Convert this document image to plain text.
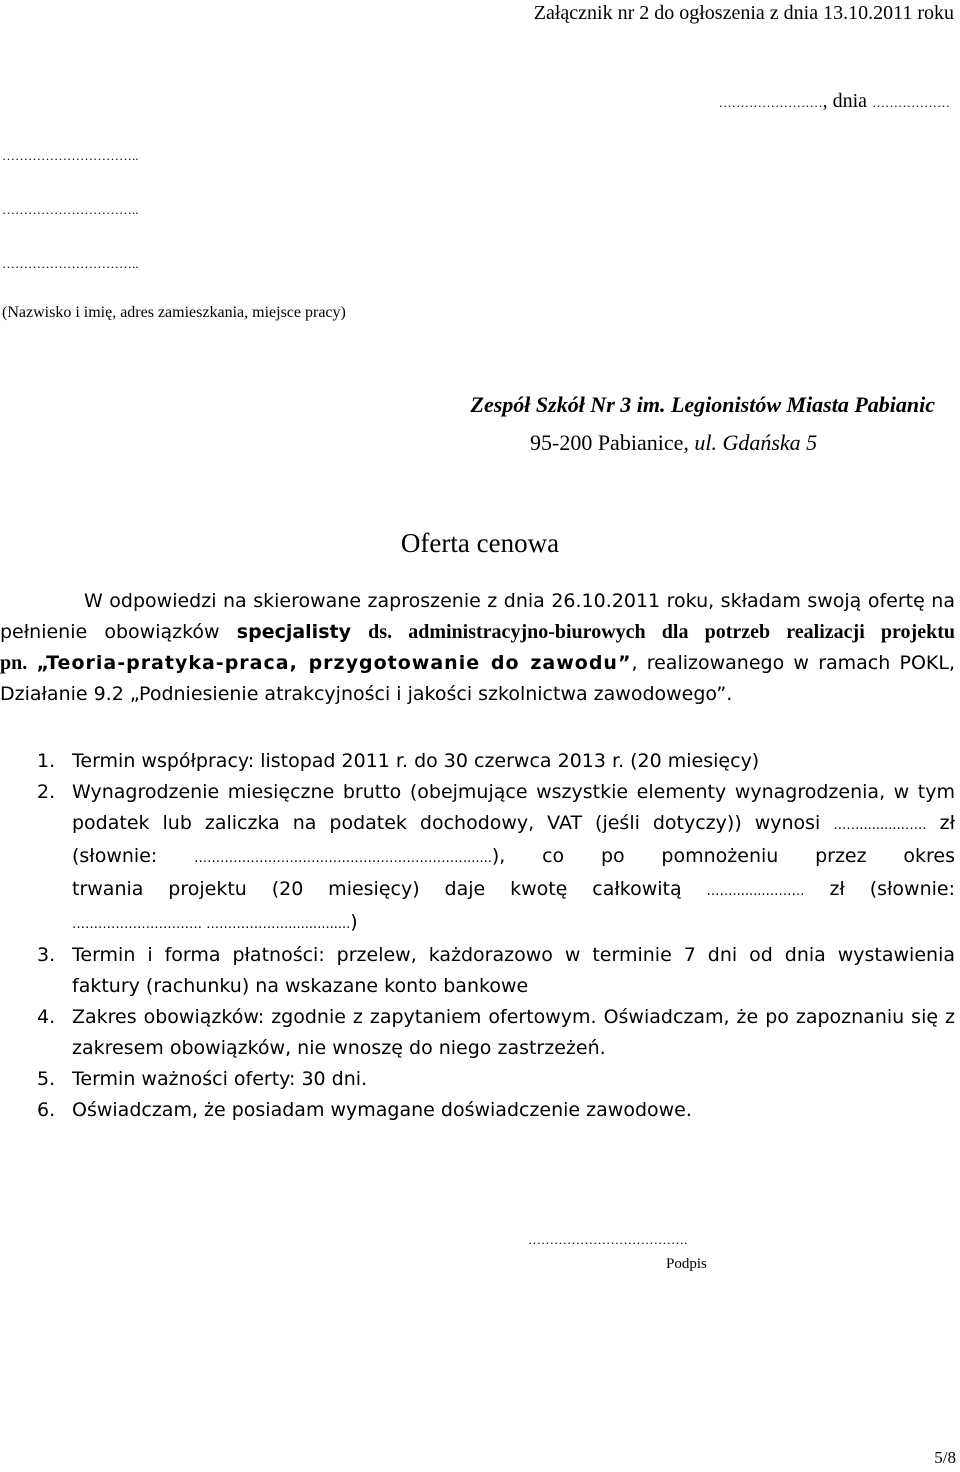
Załącznik nr 2 do ogłoszenia z dnia 13.10.2011 roku
……………………, dnia ………………
…………………………..
…………………………..
…………………………..
(Nazwisko i imię, adres zamieszkania, miejsce pracy)
Zespół Szkół Nr 3 im. Legionistów Miasta Pabianic
95-200 Pabianice, ul. Gdańska 5
Oferta cenowa
W odpowiedzi na skierowane zaproszenie z dnia 26.10.2011 roku, składam swoją ofertę na
pełnienie obowiązków specjalisty ds. administracyjno-biurowych dla potrzeb realizacji projektu
pn. „Teoria-pratyka-praca, przygotowanie do zawodu”, realizowanego w ramach POKL,
Działanie 9.2 „Podniesienie atrakcyjności i jakości szkolnictwa zawodowego”.
1. Termin współpracy: listopad 2011 r. do 30 czerwca 2013 r. (20 miesięcy)
2. Wynagrodzenie miesięczne brutto (obejmujące wszystkie elementy wynagrodzenia, w tym
podatek lub zaliczka na podatek dochodowy, VAT (jeśli dotyczy)) wynosi ……..........…… zł
(słownie:	………………………………………………………......), co po pomnożeniu przez okres
trwania projektu (20 miesięcy) daje kwotę całkowitą ……........……… zł (słownie:
………………………… ………………................)
3. Termin i forma płatności: przelew, każdorazowo w terminie 7 dni od dnia wystawienia faktury (rachunku) na wskazane konto bankowe
4. Zakres obowiązków: zgodnie z zapytaniem ofertowym. Oświadczam, że po zapoznaniu się z zakresem obowiązków, nie wnoszę do niego zastrzeżeń.
5. Termin ważności oferty: 30 dni.
6. Oświadczam, że posiadam wymagane doświadczenie zawodowe.
……………………………….
Podpis
5/8
